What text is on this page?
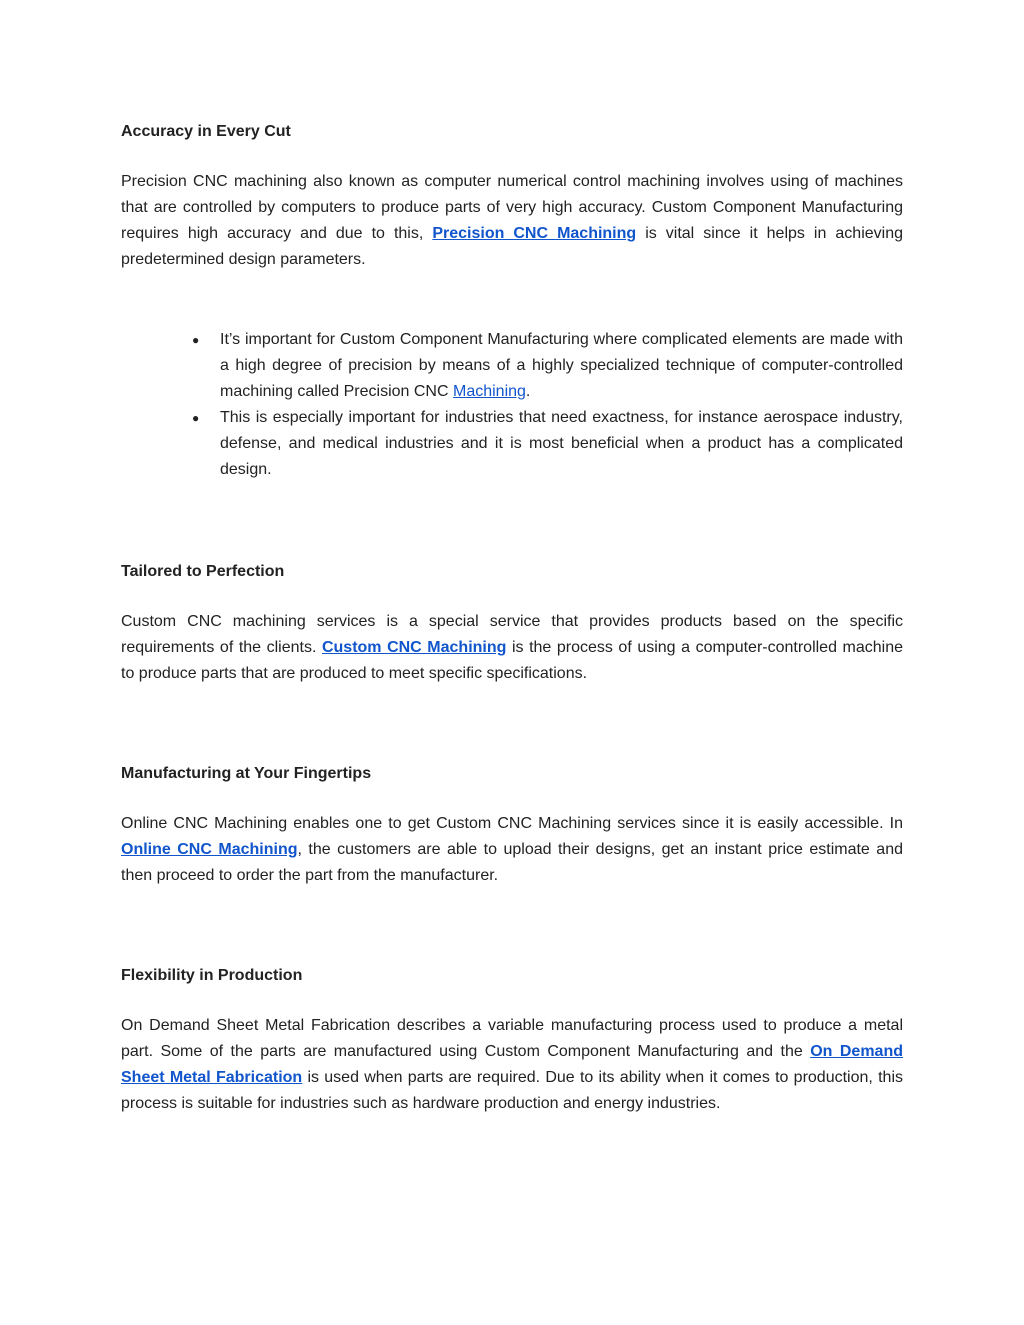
Accuracy in Every Cut

Precision CNC machining also known as computer numerical control machining involves using of machines that are controlled by computers to produce parts of very high accuracy. Custom Component Manufacturing requires high accuracy and due to this, Precision CNC Machining is vital since it helps in achieving predetermined design parameters.

● It’s important for Custom Component Manufacturing where complicated elements are made with a high degree of precision by means of a highly specialized technique of computer-controlled machining called Precision CNC Machining.
● This is especially important for industries that need exactness, for instance aerospace industry, defense, and medical industries and it is most beneficial when a product has a complicated design.
Tailored to Perfection

Custom CNC machining services is a special service that provides products based on the specific requirements of the clients. Custom CNC Machining is the process of using a computer-controlled machine to produce parts that are produced to meet specific specifications.

Manufacturing at Your Fingertips

Online CNC Machining enables one to get Custom CNC Machining services since it is easily accessible. In Online CNC Machining, the customers are able to upload their designs, get an instant price estimate and then proceed to order the part from the manufacturer.

Flexibility in Production

On Demand Sheet Metal Fabrication describes a variable manufacturing process used to produce a metal part. Some of the parts are manufactured using Custom Component Manufacturing and the On Demand Sheet Metal Fabrication is used when parts are required. Due to its ability when it comes to production, this process is suitable for industries such as hardware production and energy industries.
